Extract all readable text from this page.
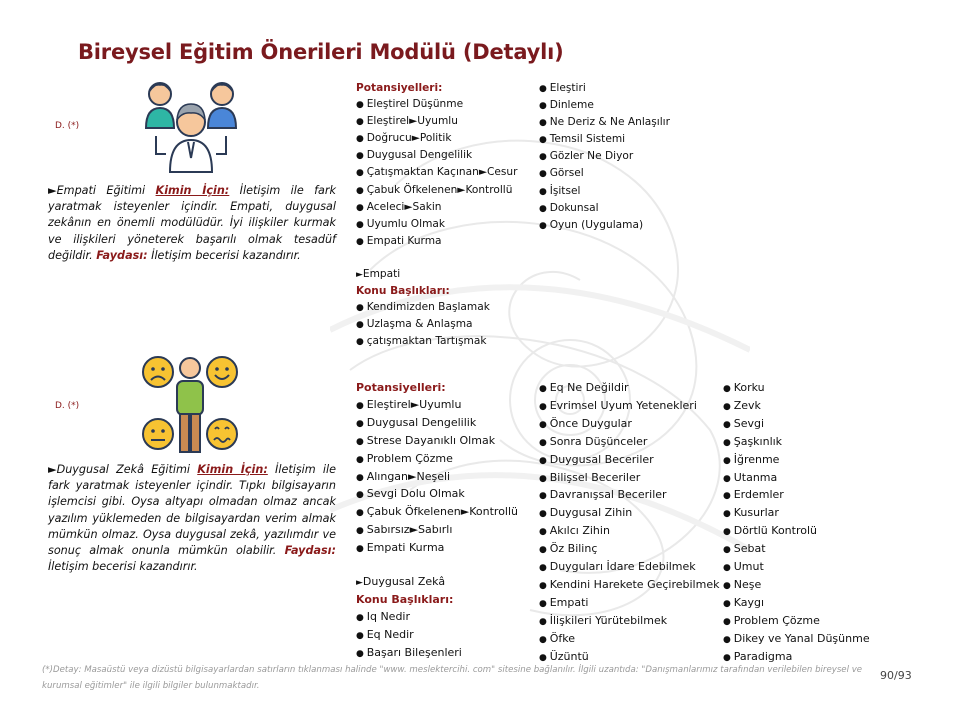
Bireysel Eğitim Önerileri Modülü (Detaylı)
D. (*)
►Empati Eğitimi Kimin İçin: İletişim ile fark yaratmak isteyenler içindir. Empati, duygusal zekânın en önemli modülüdür. İyi ilişkiler kurmak ve ilişkileri yöneterek başarılı olmak tesadüf değildir. Faydası: İletişim becerisi kazandırır.
Potansiyelleri:
● Eleştirel Düşünme
● Eleştirel►Uyumlu
● Doğrucu►Politik
● Duygusal Dengelilik
● Çatışmaktan Kaçınan►Cesur
● Çabuk Öfkelenen►Kontrollü
● Aceleci►Sakin
● Uyumlu Olmak
● Empati Kurma
► Empati
Konu Başlıkları:
● Kendimizden Başlamak
● Uzlaşma & Anlaşma
● çatışmaktan Tartışmak
● Eleştiri
● Dinleme
● Ne Deriz & Ne Anlaşılır
● Temsil Sistemi
● Gözler Ne Diyor
● Görsel
● İşitsel
● Dokunsal
● Oyun (Uygulama)
D. (*)
►Duygusal Zekâ Eğitimi Kimin İçin: İletişim ile fark yaratmak isteyenler içindir. Tıpkı bilgisayarın işlemcisi gibi. Oysa altyapı olmadan olmaz ancak yazılım yüklemeden de bilgisayardan verim almak mümkün olmaz. Oysa duygusal zekâ, yazılımdır ve sonuç almak onunla mümkün olabilir. Faydası: İletişim becerisi kazandırır.
Potansiyelleri:
● Eleştirel►Uyumlu
● Duygusal Dengelilik
● Strese Dayanıklı Olmak
● Problem Çözme
● Alıngan►Neşeli
● Sevgi Dolu Olmak
● Çabuk Öfkelenen►Kontrollü
● Sabırsız►Sabırlı
● Empati Kurma
► Duygusal Zekâ
Konu Başlıkları:
● Iq Nedir
● Eq Nedir
● Başarı Bileşenleri
● Eq Ne Değildir
● Evrimsel Uyum Yetenekleri
● Önce Duygular
● Sonra Düşünceler
● Duygusal Beceriler
● Bilişsel Beceriler
● Davranışsal Beceriler
● Duygusal Zihin
● Akılcı Zihin
● Öz Bilinç
● Duyguları İdare Edebilmek
● Kendini Harekete Geçirebilmek
● Empati
● İlişkileri Yürütebilmek
● Öfke
● Üzüntü
● Korku
● Zevk
● Sevgi
● Şaşkınlık
● İğrenme
● Utanma
● Erdemler
● Kusurlar
● Dörtlü Kontrolü
● Sebat
● Umut
● Neşe
● Kaygı
● Problem Çözme
● Dikey ve Yanal Düşünme
● Paradigma
(*)Detay: Masaüstü veya dizüstü bilgisayarlardan satırların tıklanması halinde "www. meslektercihi. com" sitesine bağlanılır. İlgili uzantıda: "Danışmanlarımız tarafından verilebilen bireysel ve kurumsal eğitimler" ile ilgili bilgiler bulunmaktadır.
90/93
